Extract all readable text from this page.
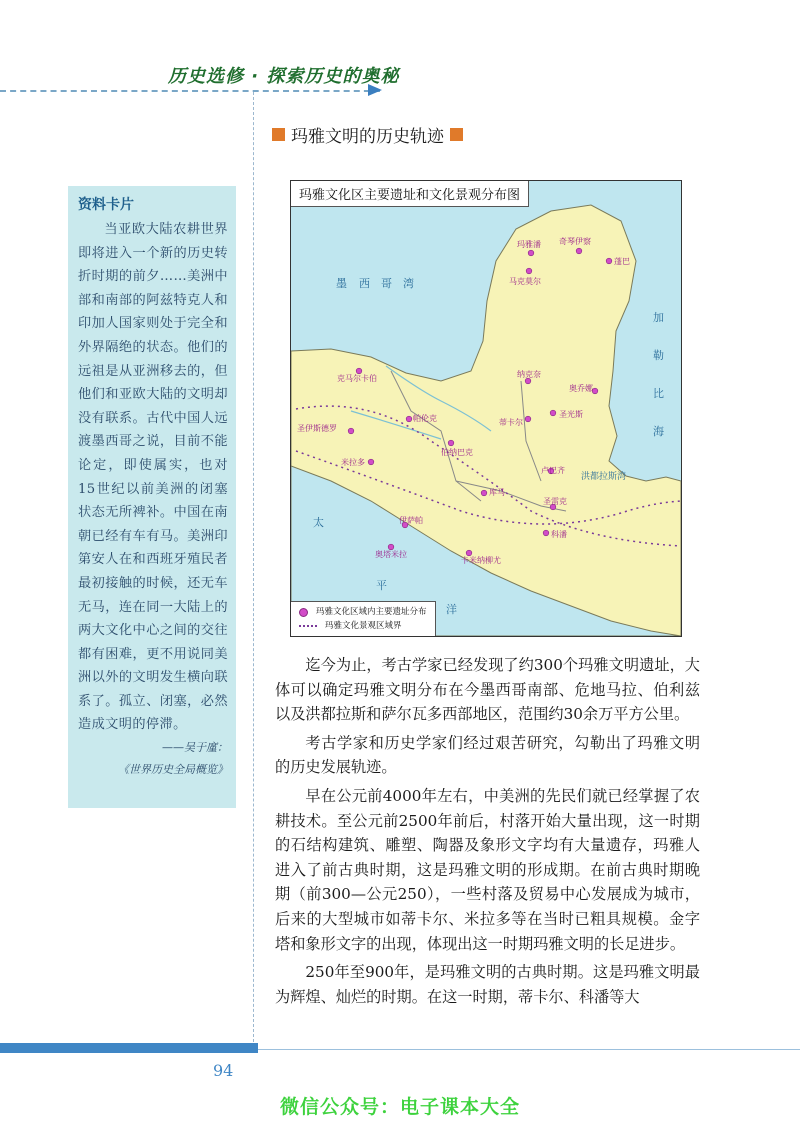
历史选修 · 探索历史的奥秘
玛雅文明的历史轨迹
资料卡片
当亚欧大陆农耕世界即将进入一个新的历史转折时期的前夕……美洲中部和南部的阿兹特克人和印加人国家则处于完全和外界隔绝的状态。他们的远祖是从亚洲移去的，但他们和亚欧大陆的文明却没有联系。古代中国人远渡墨西哥之说，目前不能论定，即使属实，也对15世纪以前美洲的闭塞状态无所裨补。中国在南朝已经有车有马。美洲印第安人在和西班牙殖民者最初接触的时候，还无车无马，连在同一大陆上的两大文化中心之间的交往都有困难，更不用说同美洲以外的文明发生横向联系了。孤立、闭塞，必然造成文明的停滞。
——吴于廑：
《世界历史全局概览》
玛雅文化区主要遗址和文化景观分布图
墨 西 哥 湾
加
勒
比
海
洪都拉斯湾
太
平
洋
玛雅潘 奇琴伊察
蓬巴
马克莫尔
克马尔卡伯	纳克奈
奥乔娜
帕伦克	蒂卡尔
圣光斯
圣伊斯德罗
伯纳巴克
米拉多
卢巴齐
圣雷克
库马
科潘
伊萨帕
奥塔米拉
卡米纳柳尤
玛雅文化区域内主要遗址分布
玛雅文化景观区域界

迄今为止，考古学家已经发现了约300个玛雅文明遗址，大体可以确定玛雅文明分布在今墨西哥南部、危地马拉、伯利兹以及洪都拉斯和萨尔瓦多西部地区，范围约30余万平方公里。

考古学家和历史学家们经过艰苦研究，勾勒出了玛雅文明的历史发展轨迹。

早在公元前4000年左右，中美洲的先民们就已经掌握了农耕技术。至公元前2500年前后，村落开始大量出现，这一时期的石结构建筑、雕塑、陶器及象形文字均有大量遗存，玛雅人进入了前古典时期，这是玛雅文明的形成期。在前古典时期晚期（前300—公元250），一些村落及贸易中心发展成为城市，后来的大型城市如蒂卡尔、米拉多等在当时已粗具规模。金字塔和象形文字的出现，体现出这一时期玛雅文明的长足进步。

250年至900年，是玛雅文明的古典时期。这是玛雅文明最为辉煌、灿烂的时期。在这一时期，蒂卡尔、科潘等大

94
微信公众号：电子课本大全
